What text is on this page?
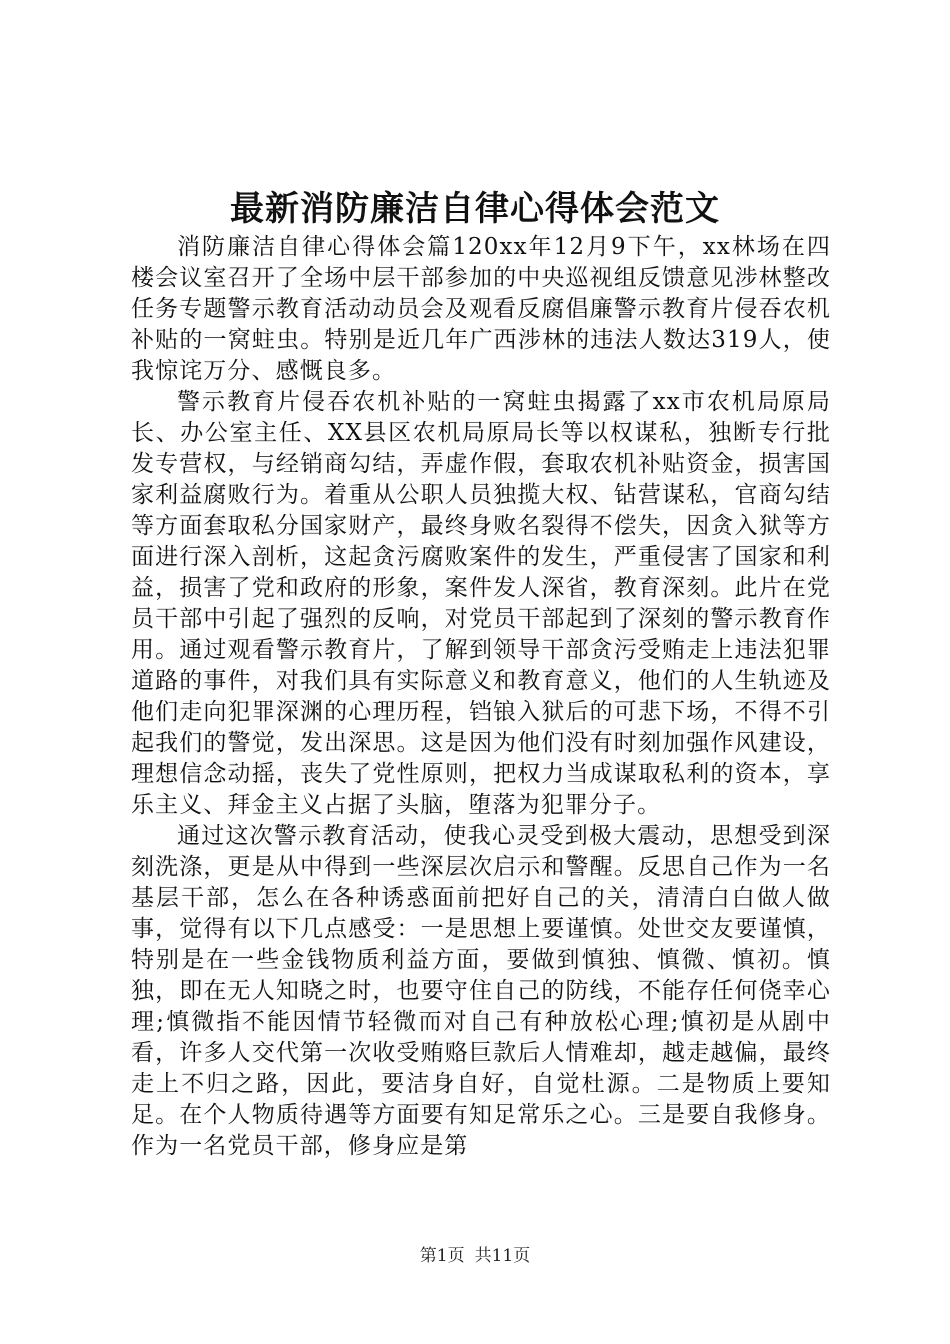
最新消防廉洁自律心得体会范文

消防廉洁自律心得体会篇120xx年12月9下午，xx林场在四楼会议室召开了全场中层干部参加的中央巡视组反馈意见涉林整改任务专题警示教育活动动员会及观看反腐倡廉警示教育片侵吞农机补贴的一窝蛀虫。特别是近几年广西涉林的违法人数达319人，使我惊诧万分、感慨良多。

警示教育片侵吞农机补贴的一窝蛀虫揭露了xx市农机局原局长、办公室主任、XX县区农机局原局长等以权谋私，独断专行批发专营权，与经销商勾结，弄虚作假，套取农机补贴资金，损害国家利益腐败行为。着重从公职人员独揽大权、钻营谋私，官商勾结等方面套取私分国家财产，最终身败名裂得不偿失，因贪入狱等方面进行深入剖析，这起贪污腐败案件的发生，严重侵害了国家和利益，损害了党和政府的形象，案件发人深省，教育深刻。此片在党员干部中引起了强烈的反响，对党员干部起到了深刻的警示教育作用。通过观看警示教育片，了解到领导干部贪污受贿走上违法犯罪道路的事件，对我们具有实际意义和教育意义，他们的人生轨迹及他们走向犯罪深渊的心理历程，铛锒入狱后的可悲下场，不得不引起我们的警觉，发出深思。这是因为他们没有时刻加强作风建设，理想信念动摇，丧失了党性原则，把权力当成谋取私利的资本，享乐主义、拜金主义占据了头脑，堕落为犯罪分子。

通过这次警示教育活动，使我心灵受到极大震动，思想受到深刻洗涤，更是从中得到一些深层次启示和警醒。反思自己作为一名基层干部，怎么在各种诱惑面前把好自己的关，清清白白做人做事，觉得有以下几点感受：一是思想上要谨慎。处世交友要谨慎，特别是在一些金钱物质利益方面，要做到慎独、慎微、慎初。慎独，即在无人知晓之时，也要守住自己的防线，不能存任何侥幸心理;慎微指不能因情节轻微而对自己有种放松心理;慎初是从剧中看，许多人交代第一次收受贿赂巨款后人情难却，越走越偏，最终走上不归之路，因此，要洁身自好，自觉杜源。二是物质上要知足。在个人物质待遇等方面要有知足常乐之心。三是要自我修身。作为一名党员干部，修身应是第

第1页 共11页
